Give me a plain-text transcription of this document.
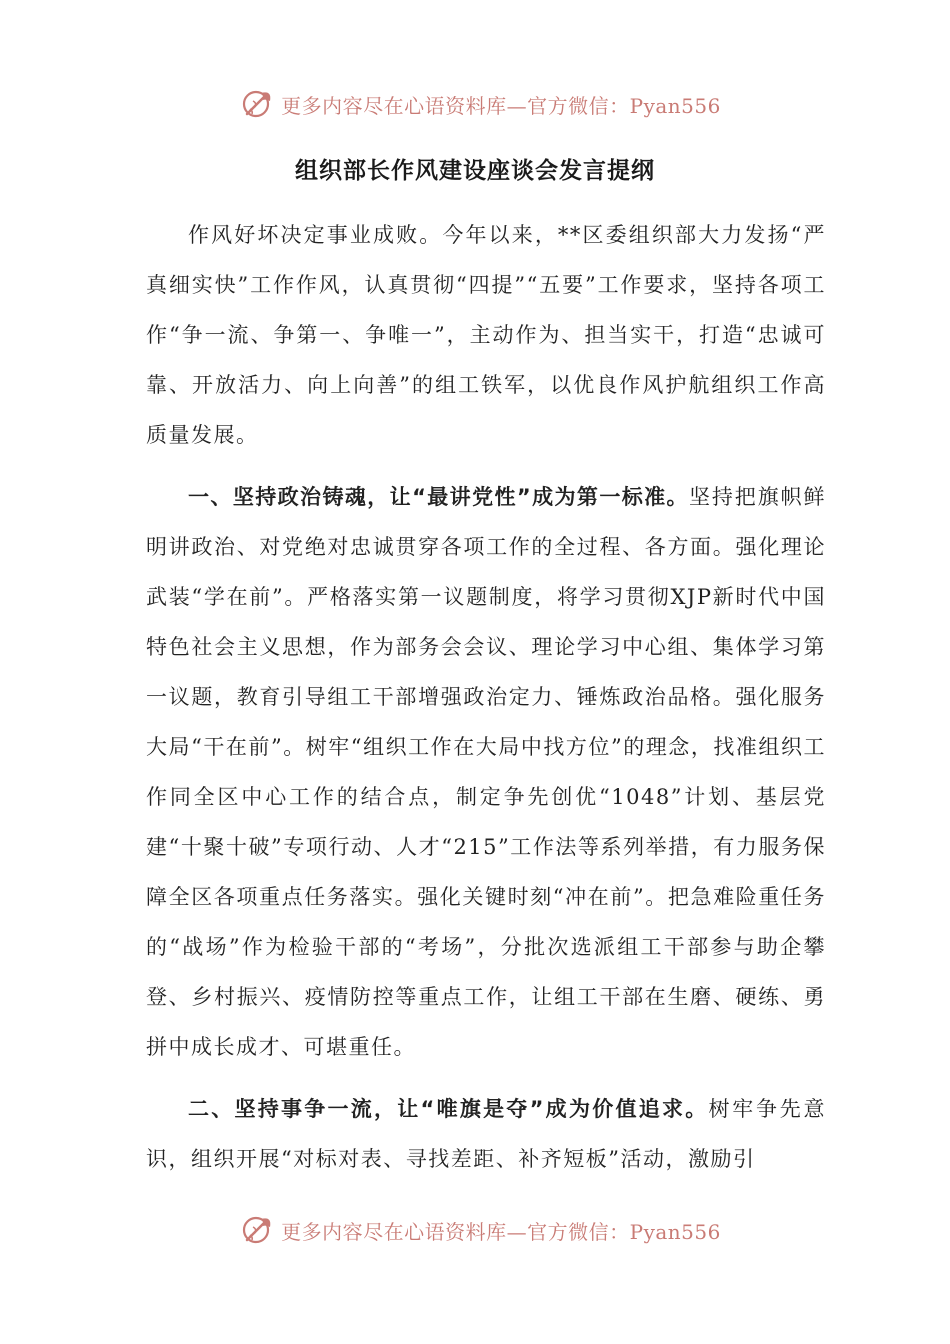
更多内容尽在心语资料库—官方微信：Pyan556
组织部长作风建设座谈会发言提纲

作风好坏决定事业成败。今年以来，**区委组织部大力发扬“严真细实快”工作作风，认真贯彻“四提”“五要”工作要求，坚持各项工作“争一流、争第一、争唯一”，主动作为、担当实干，打造“忠诚可靠、开放活力、向上向善”的组工铁军，以优良作风护航组织工作高质量发展。

一、坚持政治铸魂，让“最讲党性”成为第一标准。坚持把旗帜鲜明讲政治、对党绝对忠诚贯穿各项工作的全过程、各方面。强化理论武装“学在前”。严格落实第一议题制度，将学习贯彻XJP新时代中国特色社会主义思想，作为部务会会议、理论学习中心组、集体学习第一议题，教育引导组工干部增强政治定力、锤炼政治品格。强化服务大局“干在前”。树牢“组织工作在大局中找方位”的理念，找准组织工作同全区中心工作的结合点，制定争先创优“1048”计划、基层党建“十聚十破”专项行动、人才“215”工作法等系列举措，有力服务保障全区各项重点任务落实。强化关键时刻“冲在前”。把急难险重任务的“战场”作为检验干部的“考场”，分批次选派组工干部参与助企攀登、乡村振兴、疫情防控等重点工作，让组工干部在生磨、硬练、勇拼中成长成才、可堪重任。

二、坚持事争一流，让“唯旗是夺”成为价值追求。树牢争先意识，组织开展“对标对表、寻找差距、补齐短板”活动，激励引

更多内容尽在心语资料库—官方微信：Pyan556
